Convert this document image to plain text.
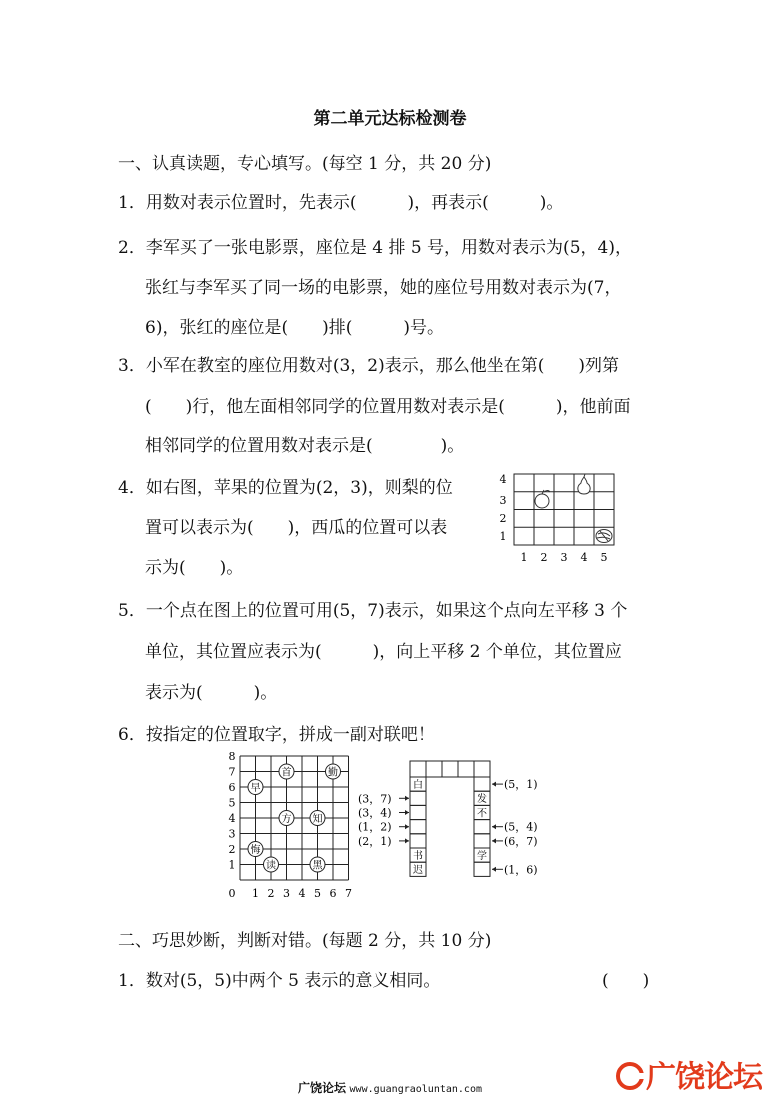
第二单元达标检测卷
一、认真读题，专心填写。(每空 1 分，共 20 分)
1．用数对表示位置时，先表示(　　　)，再表示(　　　)。
2．李军买了一张电影票，座位是 4 排 5 号，用数对表示为(5，4)，
张红与李军买了同一场的电影票，她的座位号用数对表示为(7，
6)，张红的座位是(　　)排(　　　)号。
3．小军在教室的座位用数对(3，2)表示，那么他坐在第(　　)列第
(　　)行，他左面相邻同学的位置用数对表示是(　　　)，他前面
相邻同学的位置用数对表示是(　　　　)。
4．如右图，苹果的位置为(2，3)，则梨的位
置可以表示为(　　)，西瓜的位置可以表
示为(　　)。
4
3
2
1
1 2 3 4 5
5．一个点在图上的位置可用(5，7)表示，如果这个点向左平移 3 个
单位，其位置应表示为(　　　)，向上平移 2 个单位，其位置应
表示为(　　　)。
6．按指定的位置取字，拼成一副对联吧！
8
7
6
5
4
3
2
1
0 1 2 3 4 5 6 7
首	勤
早
方 知
悔
读	黑
白
书
迟
发
不
学
(3，7)
(3，4)
(1，2)
(2，1)
(5，1)
(5，4)
(6，7)
(1，6)
二、巧思妙断，判断对错。(每题 2 分，共 10 分)
1．数对(5，5)中两个 5 表示的意义相同。	(　　)
广饶论坛 www.guangraoluntan.com	广饶论坛
